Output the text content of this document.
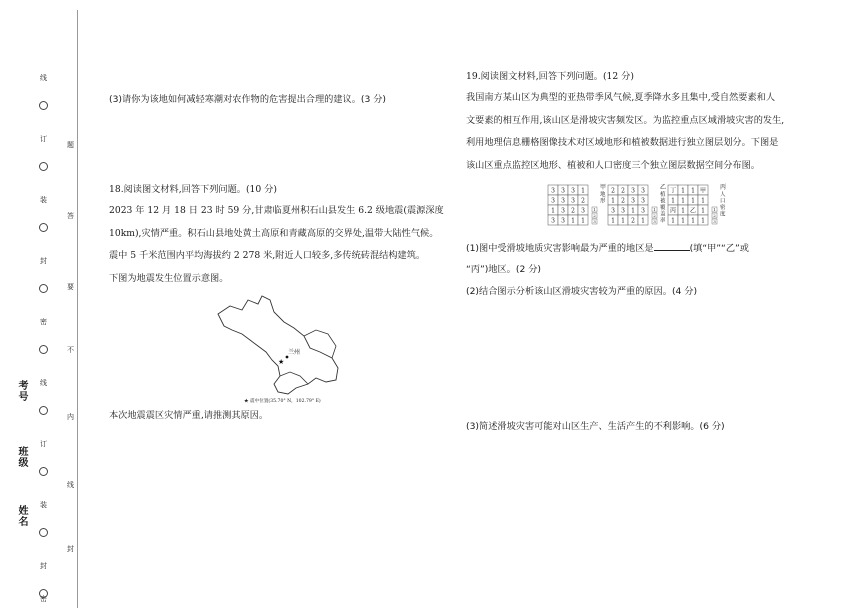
线
订
装
封
密
线
订
装
封
密
题
答
要
不
内
线
封
考号
班级
姓名
(3)请你为该地如何减轻寒潮对农作物的危害提出合理的建议。(3 分)
18.阅读图文材料,回答下列问题。(10 分)
2023 年 12 月 18 日 23 时 59 分,甘肃临夏州积石山县发生 6.2 级地震(震源深度
10km),灾情严重。积石山县地处黄土高原和青藏高原的交界处,温带大陆性气候。
震中 5 千米范围内平均海拔约 2 278 米,附近人口较多,多传统砖混结构建筑。
下图为地震发生位置示意图。
兰州
★
★ 震中位置(35.70° N，102.79° E)
本次地震震区灾情严重,请推测其原因。
19.阅读图文材料,回答下列问题。(12 分)
我国南方某山区为典型的亚热带季风气候,夏季降水多且集中,受自然要素和人
文要素的相互作用,该山区是滑坡灾害频发区。为监控重点区域滑坡灾害的发生,
利用地理信息栅格图像技术对区域地形和植被数据进行独立图层划分。下图是
该山区重点监控区地形、植被和人口密度三个独立图层数据空间分布图。
3 3 3 1
3 3 3 2
1 3 2 3
3 3 1 1
1
2
3
甲
地
形
2 2 3 3
1 2 3 3
3 3 1 3
1 1 2 1
1
2
3
乙
植
被
覆
盖
率
丁 1 1 甲
1 1 1 1
丙 1 乙 1
1 1 1 1
1
2
3
丙
人
口
密
度
(1)图中受滑坡地质灾害影响最为严重的地区是	(填“甲”“乙”或
“丙”)地区。(2 分)
(2)结合图示分析该山区滑坡灾害较为严重的原因。(4 分)
(3)简述滑坡灾害可能对山区生产、生活产生的不利影响。(6 分)
